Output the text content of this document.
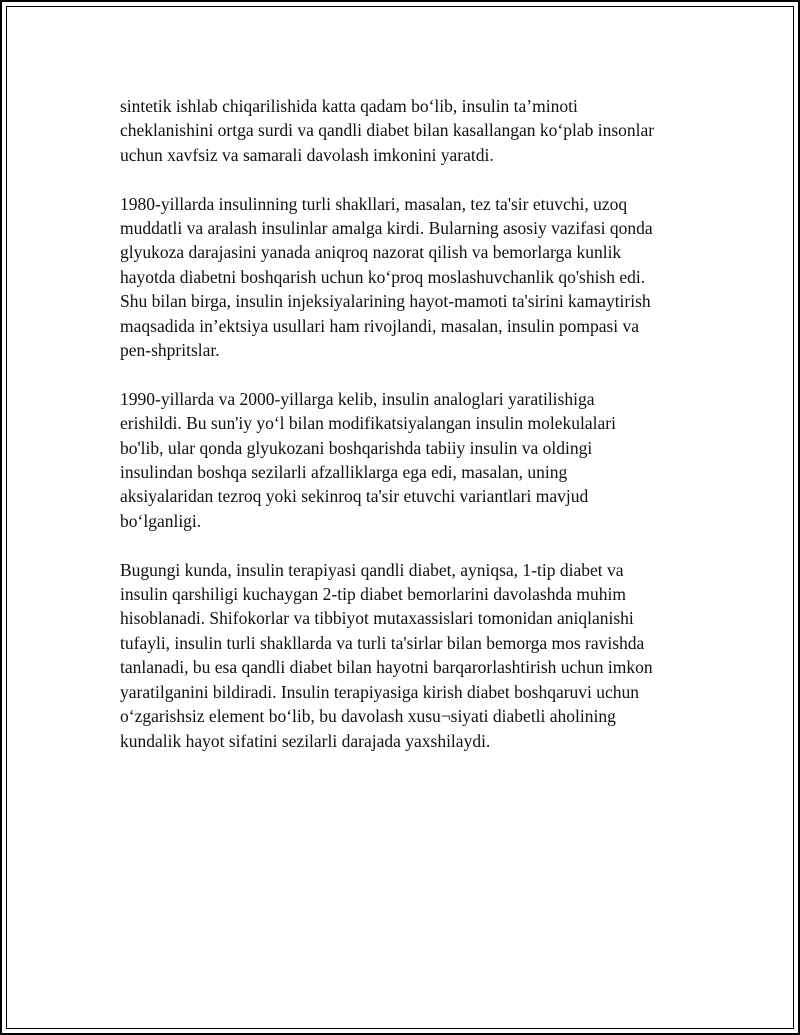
sintetik ishlab chiqarilishida katta qadam bo‘lib, insulin ta’minoti
cheklanishini ortga surdi va qandli diabet bilan kasallangan ko‘plab insonlar
uchun xavfsiz va samarali davolash imkonini yaratdi.

1980-yillarda insulinning turli shakllari, masalan, tez ta'sir etuvchi, uzoq
muddatli va aralash insulinlar amalga kirdi. Bularning asosiy vazifasi qonda
glyukoza darajasini yanada aniqroq nazorat qilish va bemorlarga kunlik
hayotda diabetni boshqarish uchun ko‘proq moslashuvchanlik qo'shish edi.
Shu bilan birga, insulin injeksiyalarining hayot-mamoti ta'sirini kamaytirish
maqsadida in’ektsiya usullari ham rivojlandi, masalan, insulin pompasi va
pen-shpritslar.

1990-yillarda va 2000-yillarga kelib, insulin analoglari yaratilishiga
erishildi. Bu sun'iy yo‘l bilan modifikatsiyalangan insulin molekulalari
bo'lib, ular qonda glyukozani boshqarishda tabiiy insulin va oldingi
insulindan boshqa sezilarli afzalliklarga ega edi, masalan, uning
aksiyalaridan tezroq yoki sekinroq ta'sir etuvchi variantlari mavjud
bo‘lganligi.

Bugungi kunda, insulin terapiyasi qandli diabet, ayniqsa, 1-tip diabet va
insulin qarshiligi kuchaygan 2-tip diabet bemorlarini davolashda muhim
hisoblanadi. Shifokorlar va tibbiyot mutaxassislari tomonidan aniqlanishi
tufayli, insulin turli shakllarda va turli ta'sirlar bilan bemorga mos ravishda
tanlanadi, bu esa qandli diabet bilan hayotni barqarorlashtirish uchun imkon
yaratilganini bildiradi. Insulin terapiyasiga kirish diabet boshqaruvi uchun
o‘zgarishsiz element bo‘lib, bu davolash xusu¬siyati diabetli aholining
kundalik hayot sifatini sezilarli darajada yaxshilaydi.
